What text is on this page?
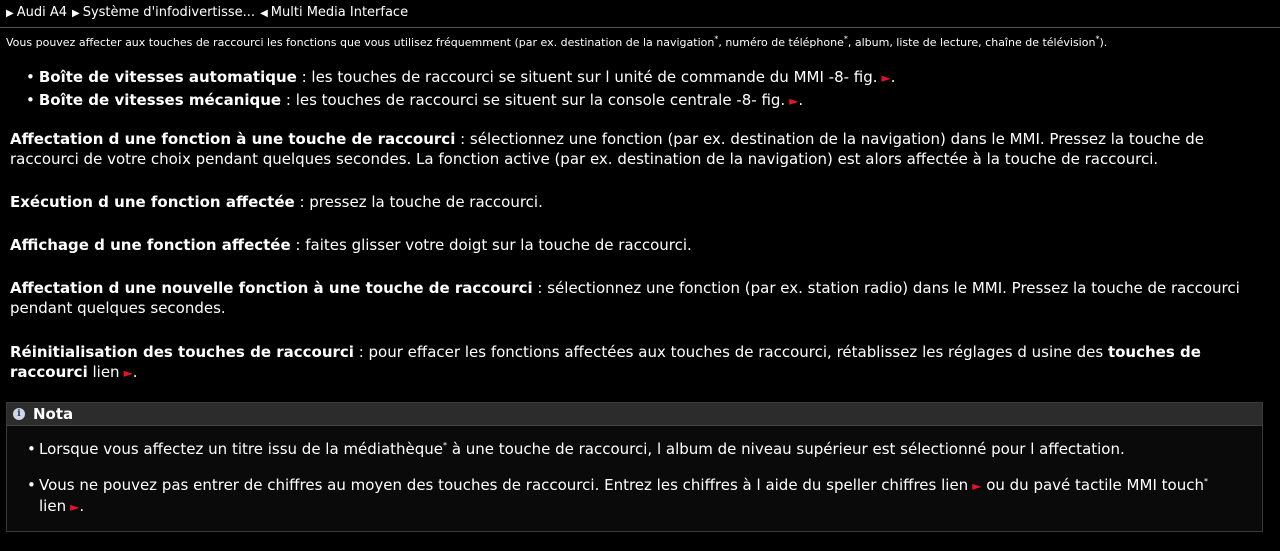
▶ Audi A4 ▶ Système d'infodivertisse... ◀ Multi Media Interface
Vous pouvez affecter aux touches de raccourci les fonctions que vous utilisez fréquemment (par ex. destination de la navigation*, numéro de téléphone*, album, liste de lecture, chaîne de télévision*).
• Boîte de vitesses automatique : les touches de raccourci se situent sur l unité de commande du MMI -8- fig. ►.
• Boîte de vitesses mécanique : les touches de raccourci se situent sur la console centrale -8- fig. ►.

Affectation d une fonction à une touche de raccourci : sélectionnez une fonction (par ex. destination de la navigation) dans le MMI. Pressez la touche de raccourci de votre choix pendant quelques secondes. La fonction active (par ex. destination de la navigation) est alors affectée à la touche de raccourci.

Exécution d une fonction affectée : pressez la touche de raccourci.

Affichage d une fonction affectée : faites glisser votre doigt sur la touche de raccourci.

Affectation d une nouvelle fonction à une touche de raccourci : sélectionnez une fonction (par ex. station radio) dans le MMI. Pressez la touche de raccourci pendant quelques secondes.

Réinitialisation des touches de raccourci : pour effacer les fonctions affectées aux touches de raccourci, rétablissez les réglages d usine des touches de raccourci lien ►.

i Nota
• Lorsque vous affectez un titre issu de la médiathèque* à une touche de raccourci, l album de niveau supérieur est sélectionné pour l affectation.
• Vous ne pouvez pas entrer de chiffres au moyen des touches de raccourci. Entrez les chiffres à l aide du speller chiffres lien ► ou du pavé tactile MMI touch* lien ►.
